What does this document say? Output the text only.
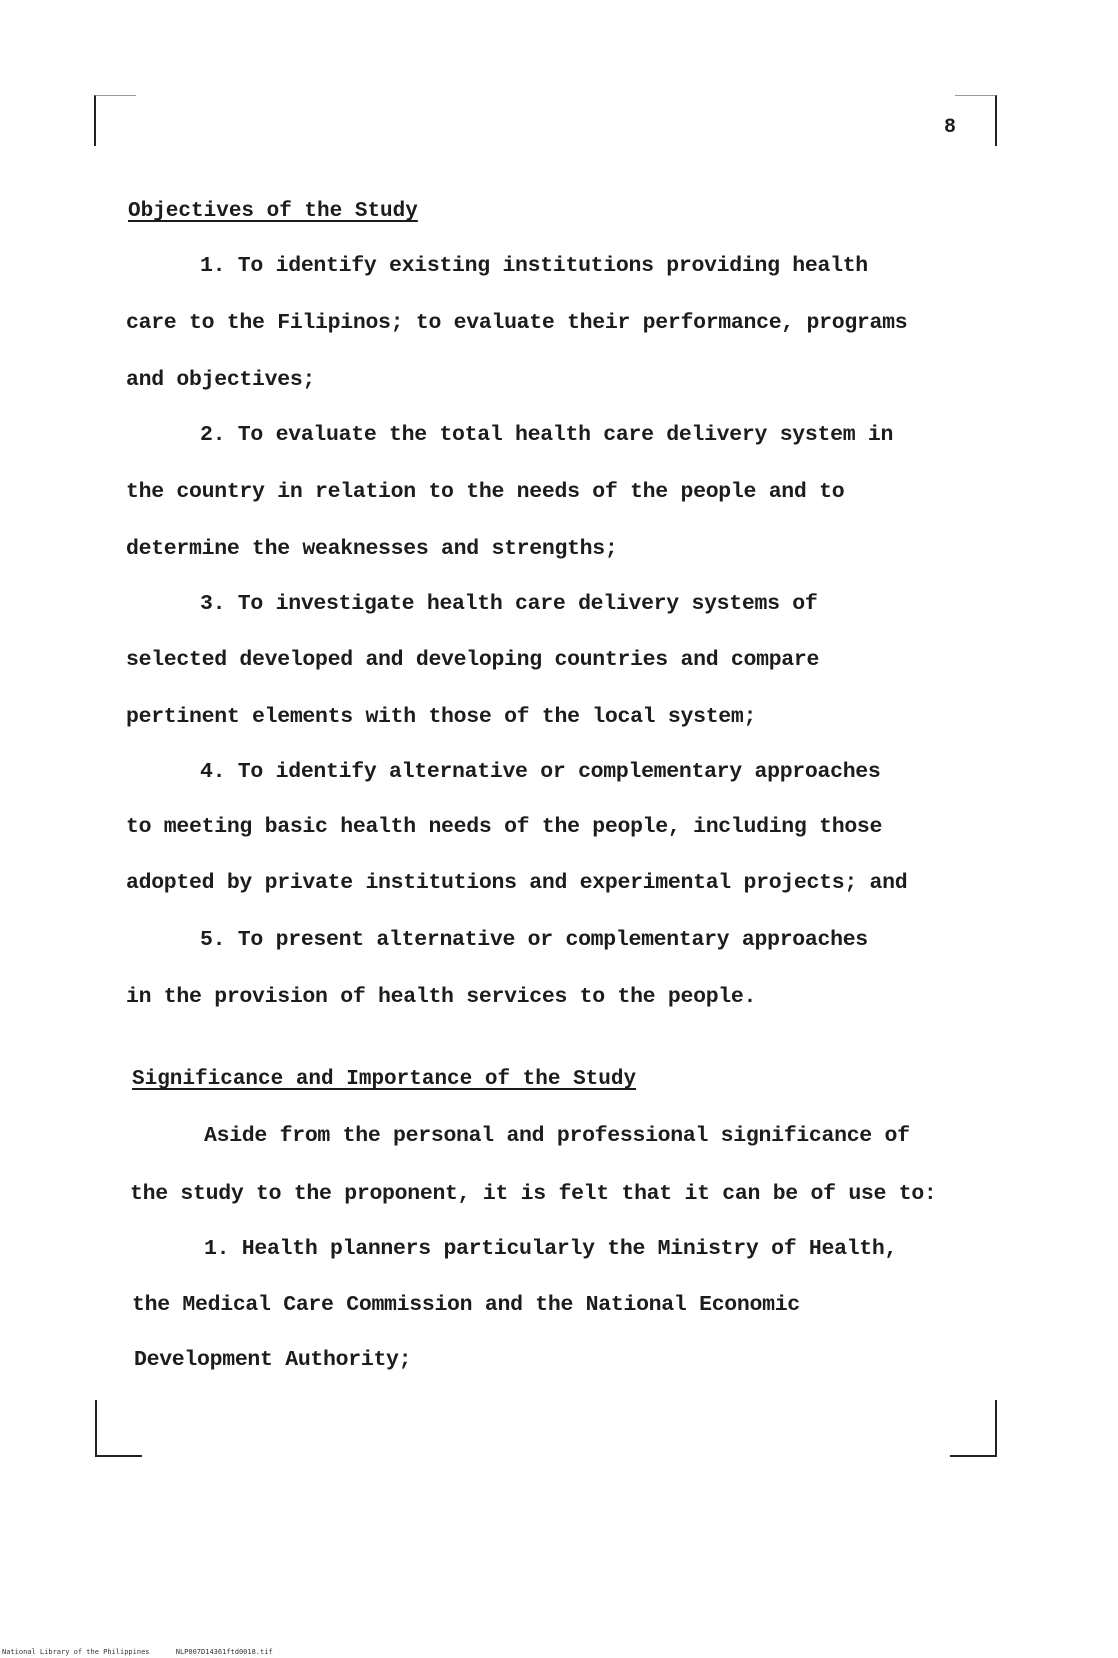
8
Objectives of the Study
1. To identify existing institutions providing health
care to the Filipinos; to evaluate their performance, programs
and objectives;
2. To evaluate the total health care delivery system in
the country in relation to the needs of the people and to
determine the weaknesses and strengths;
3. To investigate health care delivery systems of
selected developed and developing countries and compare
pertinent elements with those of the local system;
4. To identify alternative or complementary approaches
to meeting basic health needs of the people, including those
adopted by private institutions and experimental projects; and
5. To present alternative or complementary approaches
in the provision of health services to the people.
Significance and Importance of the Study
Aside from the personal and professional significance of
the study to the proponent, it is felt that it can be of use to:
1. Health planners particularly the Ministry of Health,
the Medical Care Commission and the National Economic
Development Authority;
National Library of the Philippines	NLP007D14361ftd0018.tif
